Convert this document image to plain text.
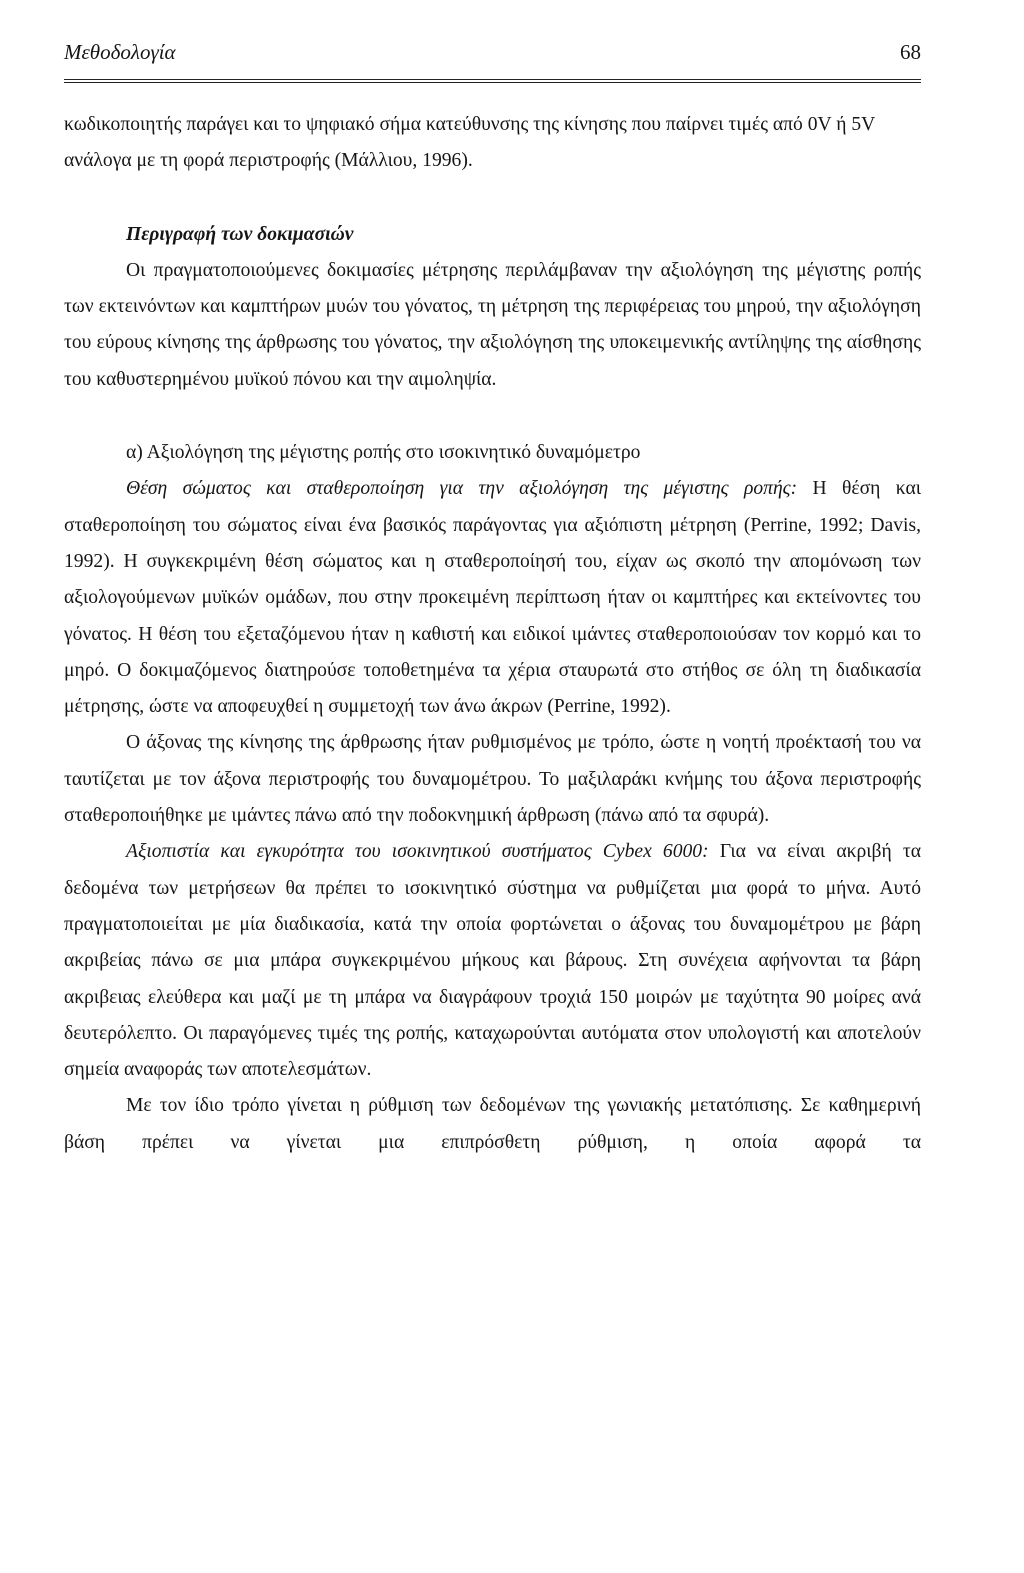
Μεθοδολογία	68

κωδικοποιητής παράγει και το ψηφιακό σήμα κατεύθυνσης της κίνησης που παίρνει τιμές από 0V ή 5V ανάλογα με τη φορά περιστροφής (Μάλλιου, 1996).

Περιγραφή των δοκιμασιών

Οι πραγματοποιούμενες δοκιμασίες μέτρησης περιλάμβαναν την αξιολόγηση της μέγιστης ροπής των εκτεινόντων και καμπτήρων μυών του γόνατος, τη μέτρηση της περιφέρειας του μηρού, την αξιολόγηση του εύρους κίνησης της άρθρωσης του γόνατος, την αξιολόγηση της υποκειμενικής αντίληψης της αίσθησης του καθυστερημένου μυϊκού πόνου και την αιμοληψία.

α) Αξιολόγηση της μέγιστης ροπής στο ισοκινητικό δυναμόμετρο

Θέση σώματος και σταθεροποίηση για την αξιολόγηση της μέγιστης ροπής: Η θέση και σταθεροποίηση του σώματος είναι ένα βασικός παράγοντας για αξιόπιστη μέτρηση (Perrine, 1992; Davis, 1992). Η συγκεκριμένη θέση σώματος και η σταθεροποίησή του, είχαν ως σκοπό την απομόνωση των αξιολογούμενων μυϊκών ομάδων, που στην προκειμένη περίπτωση ήταν οι καμπτήρες και εκτείνοντες του γόνατος. Η θέση του εξεταζόμενου ήταν η καθιστή και ειδικοί ιμάντες σταθεροποιούσαν τον κορμό και το μηρό. Ο δοκιμαζόμενος διατηρούσε τοποθετημένα τα χέρια σταυρωτά στο στήθος σε όλη τη διαδικασία μέτρησης, ώστε να αποφευχθεί η συμμετοχή των άνω άκρων (Perrine, 1992).

Ο άξονας της κίνησης της άρθρωσης ήταν ρυθμισμένος με τρόπο, ώστε η νοητή προέκτασή του να ταυτίζεται με τον άξονα περιστροφής του δυναμομέτρου. Το μαξιλαράκι κνήμης του άξονα περιστροφής σταθεροποιήθηκε με ιμάντες πάνω από την ποδοκνημική άρθρωση (πάνω από τα σφυρά).

Αξιοπιστία και εγκυρότητα του ισοκινητικού συστήματος Cybex 6000: Για να είναι ακριβή τα δεδομένα των μετρήσεων θα πρέπει το ισοκινητικό σύστημα να ρυθμίζεται μια φορά το μήνα. Αυτό πραγματοποιείται με μία διαδικασία, κατά την οποία φορτώνεται ο άξονας του δυναμομέτρου με βάρη ακριβείας πάνω σε μια μπάρα συγκεκριμένου μήκους και βάρους. Στη συνέχεια αφήνονται τα βάρη ακριβειας ελεύθερα και μαζί με τη μπάρα να διαγράφουν τροχιά 150 μοιρών με ταχύτητα 90 μοίρες ανά δευτερόλεπτο. Οι παραγόμενες τιμές της ροπής, καταχωρούνται αυτόματα στον υπολογιστή και αποτελούν σημεία αναφοράς των αποτελεσμάτων.

Με τον ίδιο τρόπο γίνεται η ρύθμιση των δεδομένων της γωνιακής μετατόπισης. Σε καθημερινή βάση πρέπει να γίνεται μια επιπρόσθετη ρύθμιση, η οποία αφορά τα
